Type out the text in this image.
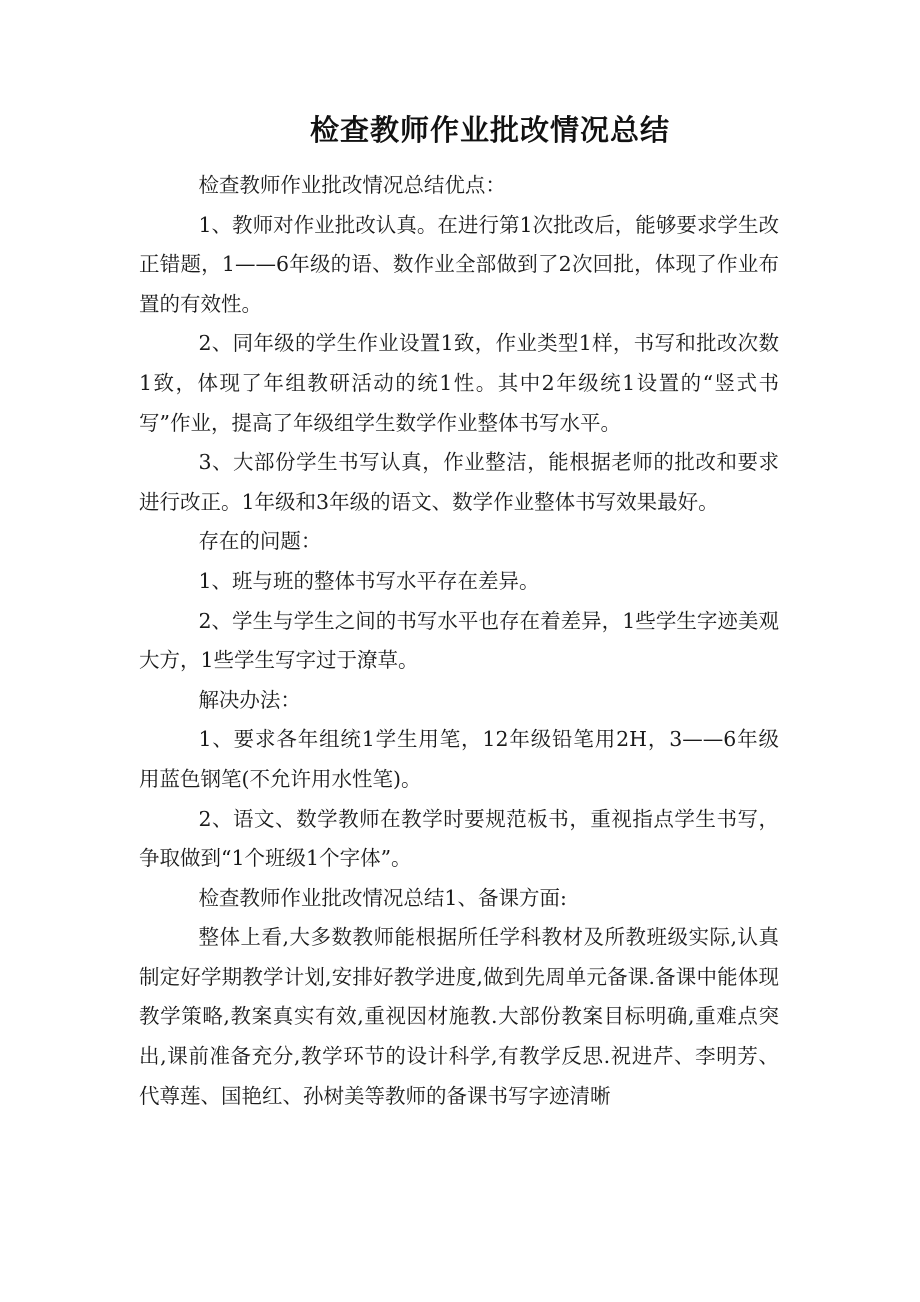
检查教师作业批改情况总结

检查教师作业批改情况总结优点：

1、教师对作业批改认真。在进行第1次批改后，能够要求学生改正错题，1——6年级的语、数作业全部做到了2次回批，体现了作业布置的有效性。

2、同年级的学生作业设置1致，作业类型1样，书写和批改次数1致，体现了年组教研活动的统1性。其中2年级统1设置的“竖式书写”作业，提高了年级组学生数学作业整体书写水平。

3、大部份学生书写认真，作业整洁，能根据老师的批改和要求进行改正。1年级和3年级的语文、数学作业整体书写效果最好。

存在的问题：

1、班与班的整体书写水平存在差异。

2、学生与学生之间的书写水平也存在着差异，1些学生字迹美观大方，1些学生写字过于潦草。

解决办法：

1、要求各年组统1学生用笔，12年级铅笔用2H，3——6年级用蓝色钢笔(不允许用水性笔)。

2、语文、数学教师在教学时要规范板书，重视指点学生书写，争取做到“1个班级1个字体”。

检查教师作业批改情况总结1、备课方面:

整体上看,大多数教师能根据所任学科教材及所教班级实际,认真制定好学期教学计划,安排好教学进度,做到先周单元备课.备课中能体现教学策略,教案真实有效,重视因材施教.大部份教案目标明确,重难点突出,课前准备充分,教学环节的设计科学,有教学反思.祝进芹、李明芳、代尊莲、国艳红、孙树美等教师的备课书写字迹清晰
